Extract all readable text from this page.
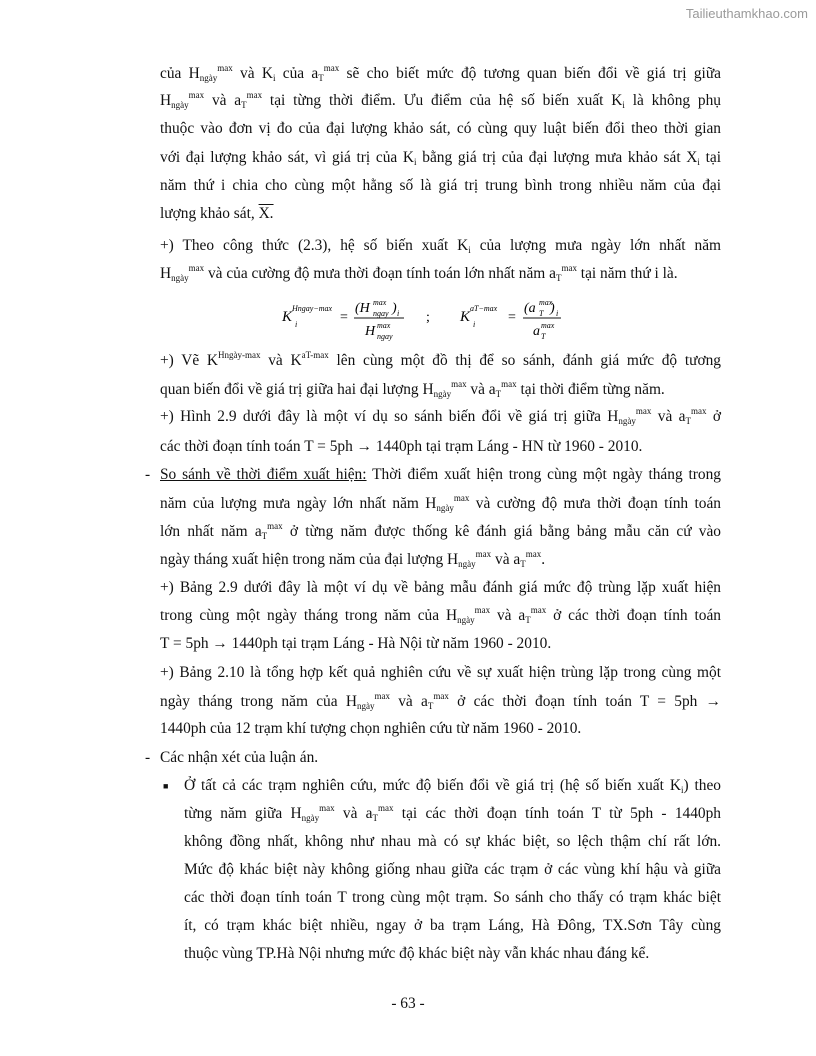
Tailieuthamkhao.com
của $H_{ngày}^{max}$ và $K_i$ của $a_T^{max}$ sẽ cho biết mức độ tương quan biến đổi về giá trị giữa
$H_{ngày}^{max}$ và $a_T^{max}$ tại từng thời điểm. Ưu điểm của hệ số biến xuất $K_i$ là không phụ
thuộc vào đơn vị đo của đại lượng khảo sát, có cùng quy luật biến đổi theo thời gian
với đại lượng khảo sát, vì giá trị của $K_i$ bằng giá trị của đại lượng mưa khảo sát $X_i$ tại
năm thứ i chia cho cùng một hằng số là giá trị trung bình trong nhiều năm của đại
lượng khảo sát, X.
+) Theo công thức (2.3), hệ số biến xuất $K_i$ của lượng mưa ngày lớn nhất năm
$H_{ngày}^{max}$ và của cường độ mưa thời đoạn tính toán lớn nhất năm $a_T^{max}$ tại năm thứ i là.
K
Hngay−max
i	=
(H max
ngay ) i
H max
ngay
; K
aT−max
i =
(a max
T ) i
a max
T
+) Vẽ $K^{Hngày-max}$ và $K^{aT-max}$ lên cùng một đồ thị để so sánh, đánh giá mức độ tương
quan biến đổi về giá trị giữa hai đại lượng $H_{ngày}^{max}$ và $a_T^{max}$ tại thời điểm từng năm.
+) Hình 2.9 dưới đây là một ví dụ so sánh biến đổi về giá trị giữa $H_{ngày}^{max}$ và $a_T^{max}$ ở
các thời đoạn tính toán T = 5ph → 1440ph tại trạm Láng - HN từ 1960 - 2010.
- So sánh về thời điểm xuất hiện: Thời điểm xuất hiện trong cùng một ngày tháng trong
năm của lượng mưa ngày lớn nhất năm $H_{ngày}^{max}$ và cường độ mưa thời đoạn tính toán
lớn nhất năm $a_T^{max}$ ở từng năm được thống kê đánh giá bằng bảng mẫu căn cứ vào
ngày tháng xuất hiện trong năm của đại lượng $H_{ngày}^{max}$ và $a_T^{max}$.
+) Bảng 2.9 dưới đây là một ví dụ về bảng mẫu đánh giá mức độ trùng lặp xuất hiện
trong cùng một ngày tháng trong năm của $H_{ngày}^{max}$ và $a_T^{max}$ ở các thời đoạn tính toán
T = 5ph → 1440ph tại trạm Láng - Hà Nội từ năm 1960 - 2010.
+) Bảng 2.10 là tổng hợp kết quả nghiên cứu về sự xuất hiện trùng lặp trong cùng một
ngày tháng trong năm của $H_{ngày}^{max}$ và $a_T^{max}$ ở các thời đoạn tính toán T = 5ph →
1440ph của 12 trạm khí tượng chọn nghiên cứu từ năm 1960 - 2010.
- Các nhận xét của luận án.
■ Ở tất cả các trạm nghiên cứu, mức độ biến đổi về giá trị (hệ số biến xuất $K_i$) theo
từng năm giữa $H_{ngày}^{max}$ và $a_T^{max}$ tại các thời đoạn tính toán T từ 5ph - 1440ph
không đồng nhất, không như nhau mà có sự khác biệt, so lệch thậm chí rất lớn.
Mức độ khác biệt này không giống nhau giữa các trạm ở các vùng khí hậu và giữa
các thời đoạn tính toán T trong cùng một trạm. So sánh cho thấy có trạm khác biệt
ít, có trạm khác biệt nhiều, ngay ở ba trạm Láng, Hà Đông, TX.Sơn Tây cùng
thuộc vùng TP.Hà Nội nhưng mức độ khác biệt này vẫn khác nhau đáng kể.
- 63 -
